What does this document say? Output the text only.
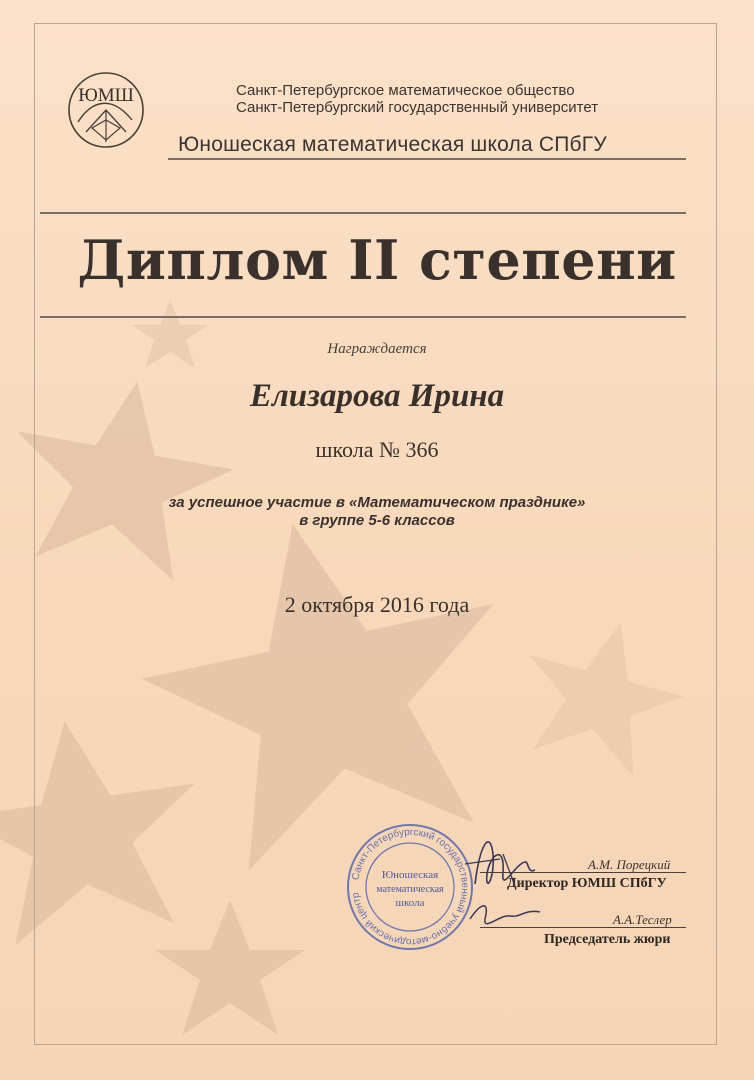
ЮМШ	Санкт-Петербургское математическое общество
Санкт-Петербургский государственный университет
Юношеская математическая школа СПбГУ
Диплом II степени
Награждается
Елизарова Ирина
школа № 366
за успешное участие в «Математическом празднике»
в группе 5-6 классов
2 октября 2016 года
А.М. Порецкий
Директор ЮМШ СПбГУ
А.А.Теслер
Председатель жюри
Санкт-Петербургский государственный учебно-методический центр
Юношеская
математическая
школа
